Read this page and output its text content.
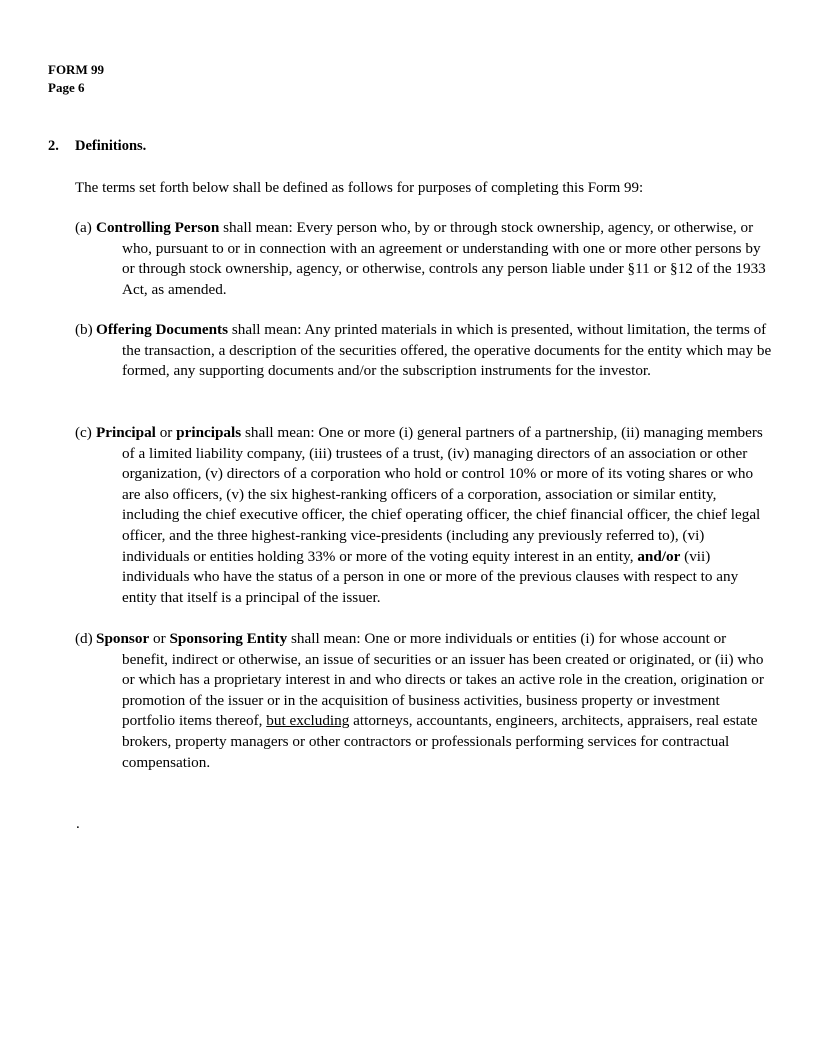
FORM 99
Page 6
2. Definitions.
The terms set forth below shall be defined as follows for purposes of completing this Form 99:
(a) Controlling Person shall mean: Every person who, by or through stock ownership, agency, or otherwise, or who, pursuant to or in connection with an agreement or understanding with one or more other persons by or through stock ownership, agency, or otherwise, controls any person liable under §11 or §12 of the 1933 Act, as amended.
(b) Offering Documents shall mean: Any printed materials in which is presented, without limitation, the terms of the transaction, a description of the securities offered, the operative documents for the entity which may be formed, any supporting documents and/or the subscription instruments for the investor.
(c) Principal or principals shall mean: One or more (i) general partners of a partnership, (ii) managing members of a limited liability company, (iii) trustees of a trust, (iv) managing directors of an association or other organization, (v) directors of a corporation who hold or control 10% or more of its voting shares or who are also officers, (v) the six highest-ranking officers of a corporation, association or similar entity, including the chief executive officer, the chief operating officer, the chief financial officer, the chief legal officer, and the three highest-ranking vice-presidents (including any previously referred to), (vi) individuals or entities holding 33% or more of the voting equity interest in an entity, and/or (vii) individuals who have the status of a person in one or more of the previous clauses with respect to any entity that itself is a principal of the issuer.
(d) Sponsor or Sponsoring Entity shall mean: One or more individuals or entities (i) for whose account or benefit, indirect or otherwise, an issue of securities or an issuer has been created or originated, or (ii) who or which has a proprietary interest in and who directs or takes an active role in the creation, origination or promotion of the issuer or in the acquisition of business activities, business property or investment portfolio items thereof, but excluding attorneys, accountants, engineers, architects, appraisers, real estate brokers, property managers or other contractors or professionals performing services for contractual compensation.
.
